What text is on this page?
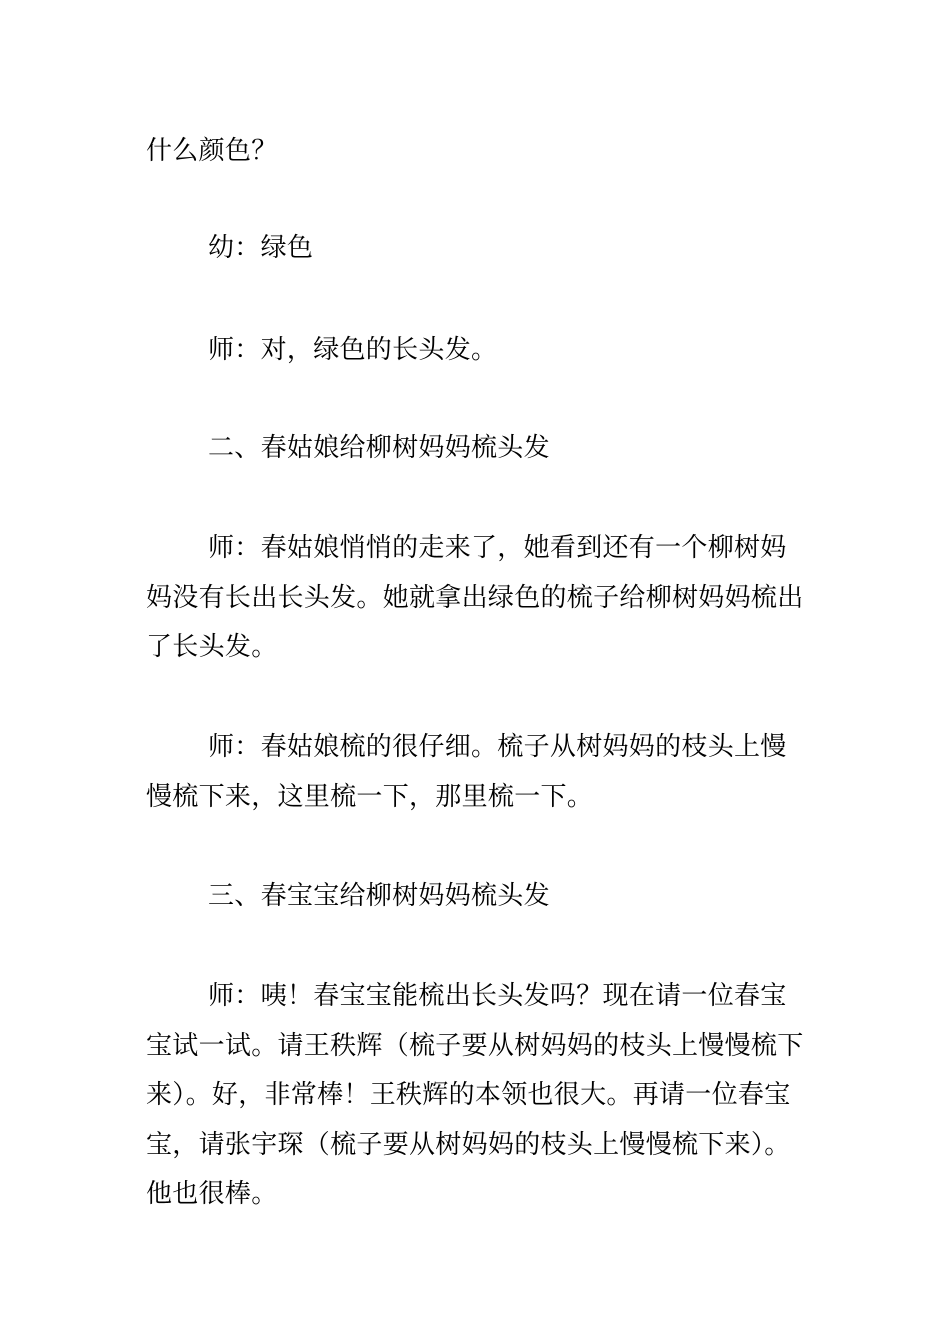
什么颜色？

幼：绿色

师：对，绿色的长头发。

二、春姑娘给柳树妈妈梳头发

师：春姑娘悄悄的走来了，她看到还有一个柳树妈妈没有长出长头发。她就拿出绿色的梳子给柳树妈妈梳出了长头发。

师：春姑娘梳的很仔细。梳子从树妈妈的枝头上慢慢梳下来，这里梳一下，那里梳一下。

三、春宝宝给柳树妈妈梳头发

师：咦！春宝宝能梳出长头发吗？现在请一位春宝宝试一试。请王秩辉（梳子要从树妈妈的枝头上慢慢梳下来）。好，非常棒！王秩辉的本领也很大。再请一位春宝宝，请张宇琛（梳子要从树妈妈的枝头上慢慢梳下来）。他也很棒。
